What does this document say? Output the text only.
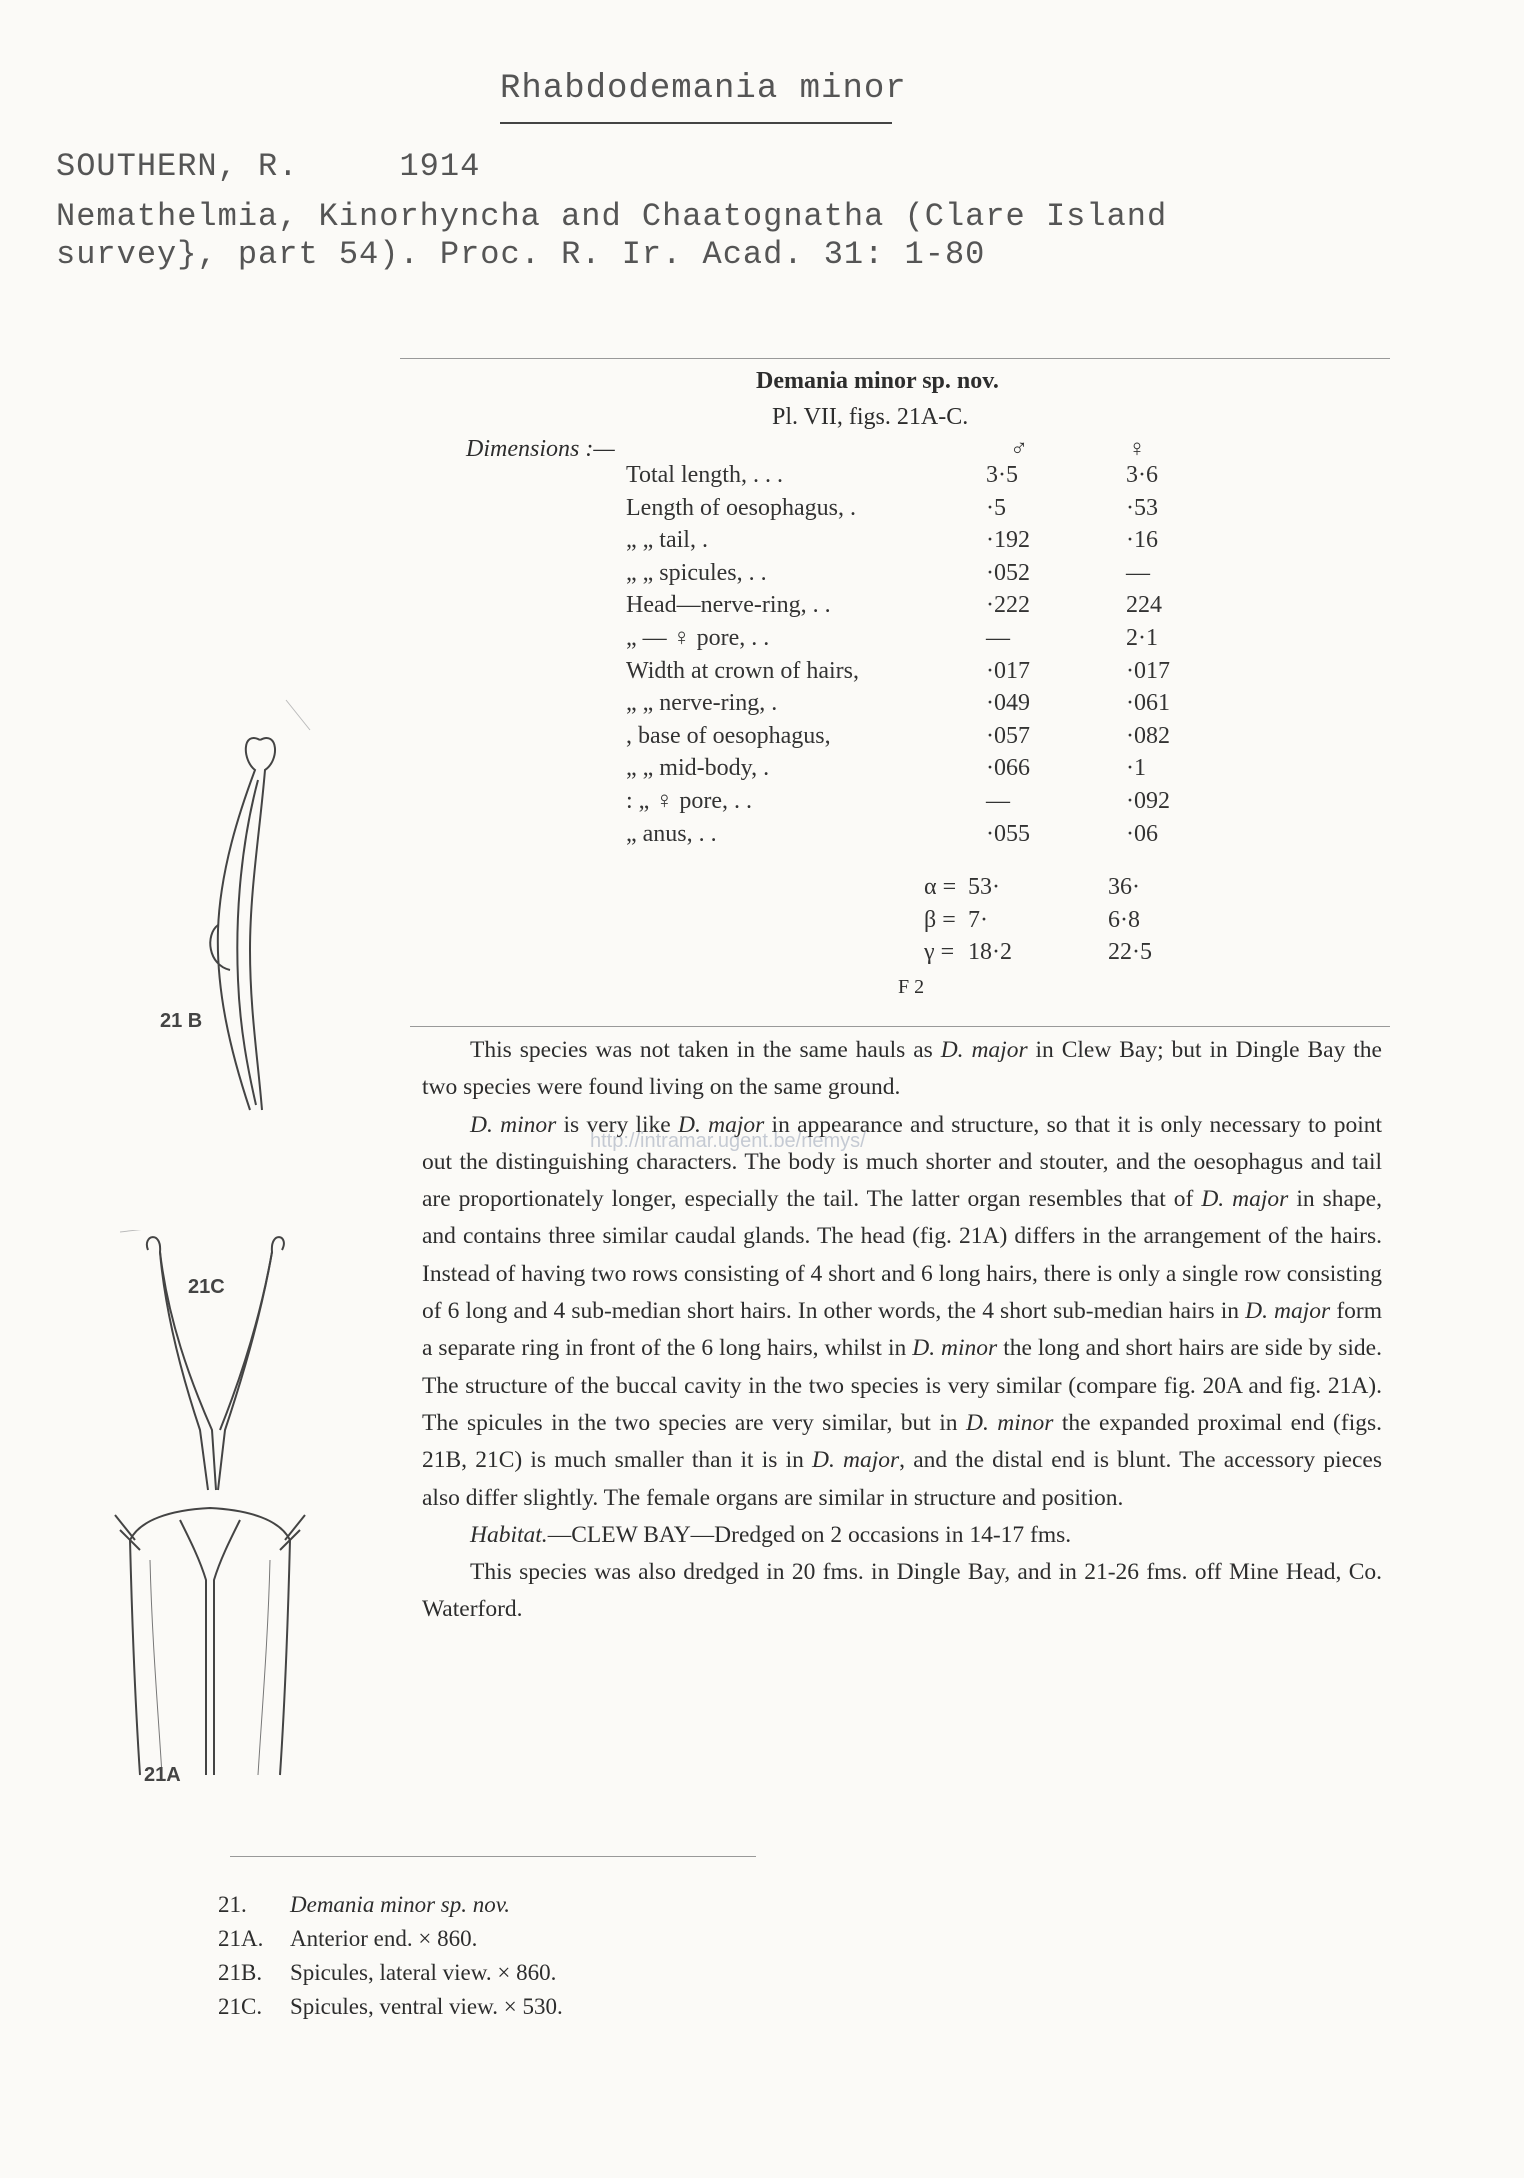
Rhabdodemania minor
SOUTHERN, R.	1914
Nemathelmia, Kinorhyncha and Chaatognatha (Clare Island
survey}, part 54). Proc. R. Ir. Acad. 31: 1-80
Demania minor sp. nov.
Pl. VII, figs. 21A-C.
Dimensions :—	♂	♀
Total length, . . .	3·5	3·6
Length of oesophagus, .	·5	·53
„ „ tail, .	·192	·16
„ „ spicules, . .	·052	—
Head—nerve-ring, . .	·222	224
„ — ♀ pore, . .	—	2·1
Width at crown of hairs,	·017	·017
„ „ nerve-ring, .	·049	·061
, base of oesophagus,	·057	·082
„ „ mid-body, .	·066	·1
: „ ♀ pore, . .	—	·092
„ anus, . .	·055	·06
α = 53·	36·
β = 7·	6·8
γ = 18·2	22·5
F 2
http://intramar.ugent.be/nemys/

This species was not taken in the same hauls as D. major in Clew Bay; but in Dingle Bay the two species were found living on the same ground.

D. minor is very like D. major in appearance and structure, so that it is only necessary to point out the distinguishing characters. The body is much shorter and stouter, and the oesophagus and tail are proportionately longer, especially the tail. The latter organ resembles that of D. major in shape, and contains three similar caudal glands. The head (fig. 21A) differs in the arrangement of the hairs. Instead of having two rows consisting of 4 short and 6 long hairs, there is only a single row consisting of 6 long and 4 sub-median short hairs. In other words, the 4 short sub-median hairs in D. major form a separate ring in front of the 6 long hairs, whilst in D. minor the long and short hairs are side by side. The structure of the buccal cavity in the two species is very similar (compare fig. 20A and fig. 21A). The spicules in the two species are very similar, but in D. minor the expanded proximal end (figs. 21B, 21C) is much smaller than it is in D. major, and the distal end is blunt. The accessory pieces also differ slightly. The female organs are similar in structure and position.

Habitat.—CLEW BAY—Dredged on 2 occasions in 14-17 fms.

This species was also dredged in 20 fms. in Dingle Bay, and in 21-26 fms. off Mine Head, Co. Waterford.

21 B
21C
21A
21. Demania minor sp. nov.
21A. Anterior end. × 860.
21B. Spicules, lateral view. × 860.
21C. Spicules, ventral view. × 530.
